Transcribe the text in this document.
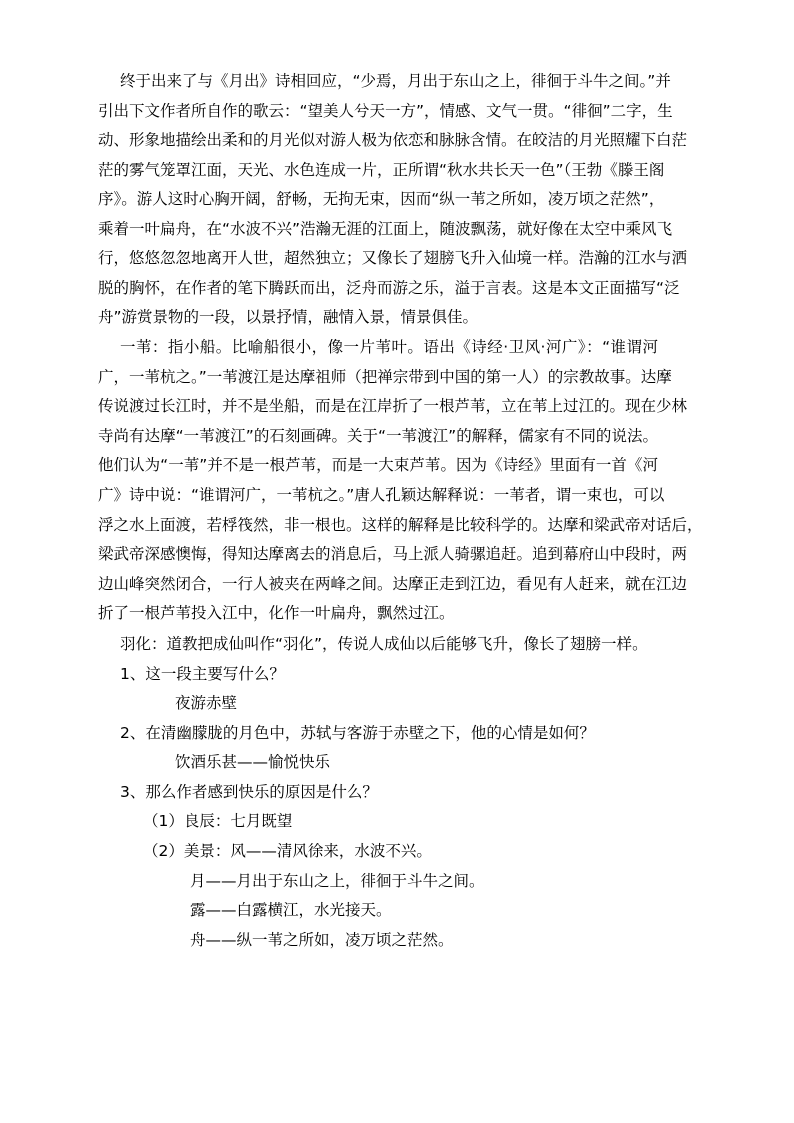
终于出来了与《月出》诗相回应，“少焉，月出于东山之上，徘徊于斗牛之间。”并

引出下文作者所自作的歌云：“望美人兮天一方”，情感、文气一贯。“徘徊”二字，生

动、形象地描绘出柔和的月光似对游人极为依恋和脉脉含情。在皎洁的月光照耀下白茫

茫的雾气笼罩江面，天光、水色连成一片，正所谓“秋水共长天一色”（王勃《滕王阁

序》。游人这时心胸开阔，舒畅，无拘无束，因而“纵一苇之所如，凌万顷之茫然”，

乘着一叶扁舟，在“水波不兴”浩瀚无涯的江面上，随波飘荡，就好像在太空中乘风飞

行，悠悠忽忽地离开人世，超然独立；又像长了翅膀飞升入仙境一样。浩瀚的江水与洒

脱的胸怀，在作者的笔下腾跃而出，泛舟而游之乐，溢于言表。这是本文正面描写“泛

舟”游赏景物的一段，以景抒情，融情入景，情景俱佳。

一苇：指小船。比喻船很小，像一片苇叶。语出《诗经·卫风·河广》：“谁谓河

广，一苇杭之。”一苇渡江是达摩祖师（把禅宗带到中国的第一人）的宗教故事。达摩

传说渡过长江时，并不是坐船，而是在江岸折了一根芦苇，立在苇上过江的。现在少林

寺尚有达摩“一苇渡江”的石刻画碑。关于“一苇渡江”的解释，儒家有不同的说法。

他们认为“一苇”并不是一根芦苇，而是一大束芦苇。因为《诗经》里面有一首《河

广》诗中说：“谁谓河广，一苇杭之。”唐人孔颖达解释说：一苇者，谓一束也，可以

浮之水上面渡，若桴筏然，非一根也。这样的解释是比较科学的。达摩和梁武帝对话后，

梁武帝深感懊悔，得知达摩离去的消息后，马上派人骑骡追赶。追到幕府山中段时，两

边山峰突然闭合，一行人被夹在两峰之间。达摩正走到江边，看见有人赶来，就在江边

折了一根芦苇投入江中，化作一叶扁舟，飘然过江。

羽化：道教把成仙叫作“羽化”，传说人成仙以后能够飞升，像长了翅膀一样。

1、这一段主要写什么？

夜游赤壁

2、在清幽朦胧的月色中，苏轼与客游于赤壁之下，他的心情是如何？

饮酒乐甚——愉悦快乐

3、那么作者感到快乐的原因是什么？

（1）良辰：七月既望

（2）美景：风——清风徐来，水波不兴。

月——月出于东山之上，徘徊于斗牛之间。

露——白露横江，水光接天。

舟——纵一苇之所如，凌万顷之茫然。
